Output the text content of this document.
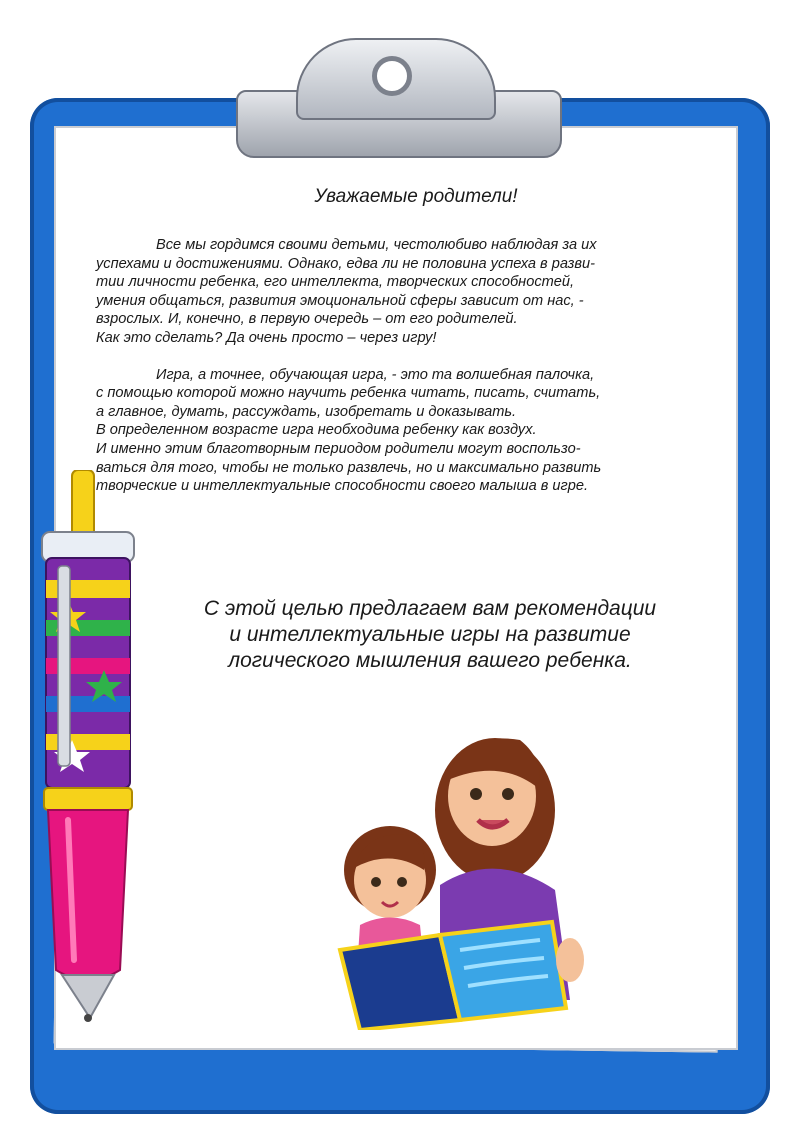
Уважаемые родители!

Все мы гордимся своими детьми, честолюбиво наблюдая за их
успехами и достижениями. Однако, едва ли не половина успеха в разви-
тии личности ребенка, его интеллекта, творческих способностей,
умения общаться, развития эмоциональной сферы зависит от нас, -
взрослых. И, конечно, в первую очередь – от его родителей.
Как это сделать? Да очень просто – через игру!

Игра, а точнее, обучающая игра, - это та волшебная палочка,
с помощью которой можно научить ребенка читать, писать, считать,
а главное, думать, рассуждать, изобретать и доказывать.
В определенном возрасте игра необходима ребенку как воздух.
И именно этим благотворным периодом родители могут воспользо-
ваться для того, чтобы не только развлечь, но и максимально развить
творческие и интеллектуальные способности своего малыша в игре.

С этой целью предлагаем вам рекомендации
и интеллектуальные игры на развитие
логического мышления вашего ребенка.
